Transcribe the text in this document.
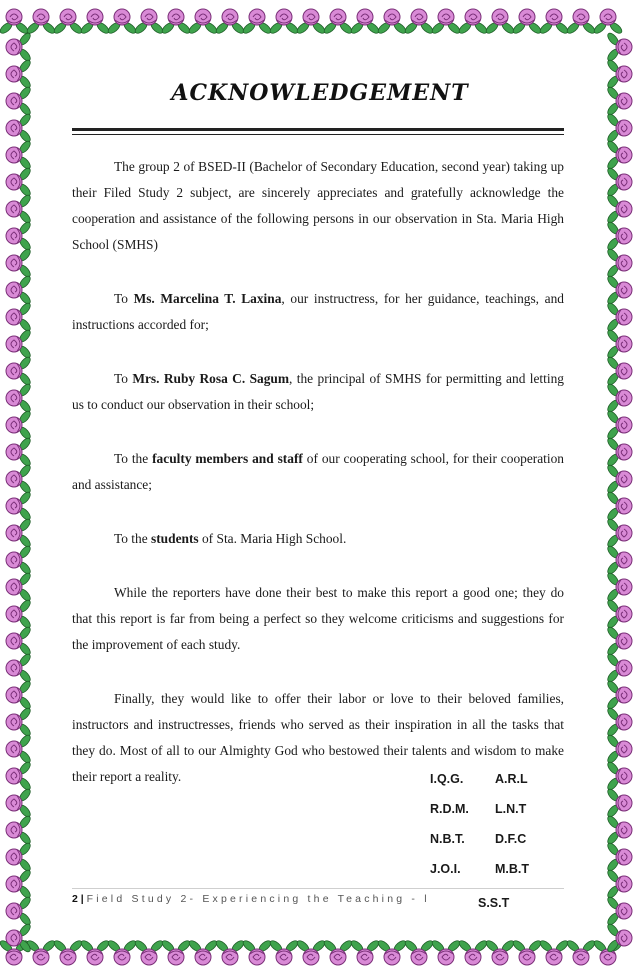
ACKNOWLEDGEMENT

The group 2 of BSED-II (Bachelor of Secondary Education, second year) taking up their Filed Study 2 subject, are sincerely appreciates and gratefully acknowledge the cooperation and assistance of the following persons in our observation in Sta. Maria High School (SMHS)

To Ms. Marcelina T. Laxina, our instructress, for her guidance, teachings, and instructions accorded for;

To Mrs. Ruby Rosa C. Sagum, the principal of SMHS for permitting and letting us to conduct our observation in their school;

To the faculty members and staff of our cooperating school, for their cooperation and assistance;

To the students of Sta. Maria High School.

While the reporters have done their best to make this report a good one; they do that this report is far from being a perfect so they welcome criticisms and suggestions for the improvement of each study.

Finally, they would like to offer their labor or love to their beloved families, instructors and instructresses, friends who served as their inspiration in all the tasks that they do. Most of all to our Almighty God who bestowed their talents and wisdom to make their report a reality.	I.Q.G.	A.R.L
R.D.M.	L.N.T
N.B.T.	D.F.C
J.O.I.	M.B.T
S.S.T
2 | Field Study 2- Experiencing the Teaching - l
